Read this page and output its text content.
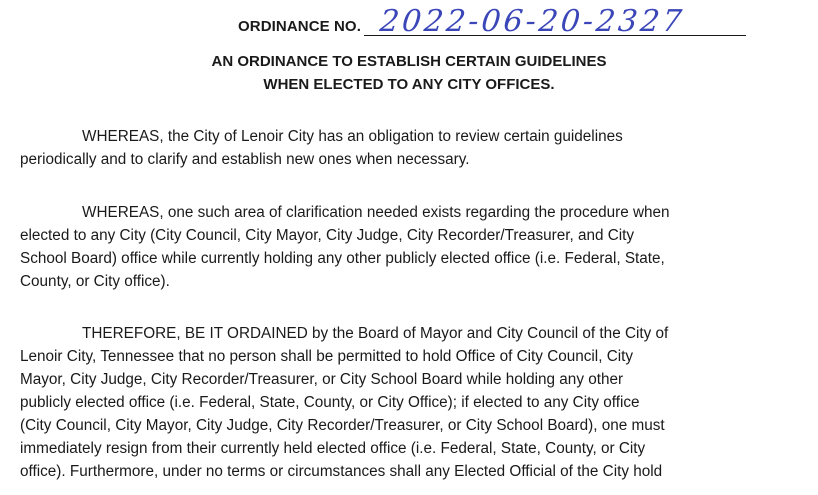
ORDINANCE NO. 2022-06-20-2327
AN ORDINANCE TO ESTABLISH CERTAIN GUIDELINES
WHEN ELECTED TO ANY CITY OFFICES.

WHEREAS, the City of Lenoir City has an obligation to review certain guidelines
periodically and to clarify and establish new ones when necessary.

WHEREAS, one such area of clarification needed exists regarding the procedure when
elected to any City (City Council, City Mayor, City Judge, City Recorder/Treasurer, and City
School Board) office while currently holding any other publicly elected office (i.e. Federal, State,
County, or City office).

THEREFORE, BE IT ORDAINED by the Board of Mayor and City Council of the City of
Lenoir City, Tennessee that no person shall be permitted to hold Office of City Council, City
Mayor, City Judge, City Recorder/Treasurer, or City School Board while holding any other
publicly elected office (i.e. Federal, State, County, or City Office); if elected to any City office
(City Council, City Mayor, City Judge, City Recorder/Treasurer, or City School Board), one must
immediately resign from their currently held elected office (i.e. Federal, State, County, or City
office). Furthermore, under no terms or circumstances shall any Elected Official of the City hold
